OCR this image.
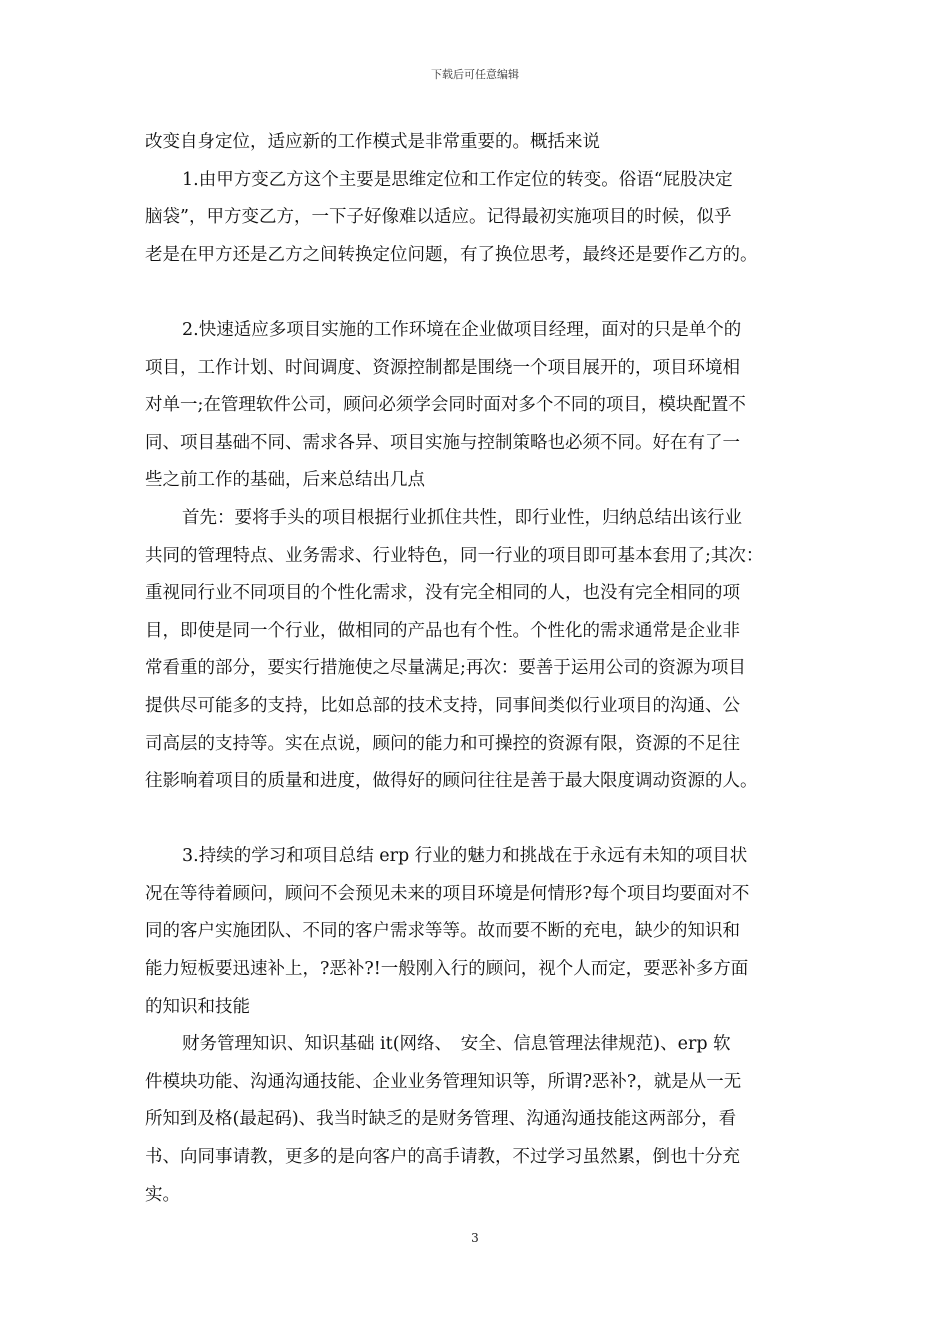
下载后可任意编辑
改变自身定位，适应新的工作模式是非常重要的。概括来说
1.由甲方变乙方这个主要是思维定位和工作定位的转变。俗语“屁股决定
脑袋”，甲方变乙方，一下子好像难以适应。记得最初实施项目的时候，似乎
老是在甲方还是乙方之间转换定位问题，有了换位思考，最终还是要作乙方的。
2.快速适应多项目实施的工作环境在企业做项目经理，面对的只是单个的
项目，工作计划、时间调度、资源控制都是围绕一个项目展开的，项目环境相
对单一;在管理软件公司，顾问必须学会同时面对多个不同的项目，模块配置不
同、项目基础不同、需求各异、项目实施与控制策略也必须不同。好在有了一
些之前工作的基础，后来总结出几点
首先：要将手头的项目根据行业抓住共性，即行业性，归纳总结出该行业
共同的管理特点、业务需求、行业特色，同一行业的项目即可基本套用了;其次：
重视同行业不同项目的个性化需求，没有完全相同的人，也没有完全相同的项
目，即使是同一个行业，做相同的产品也有个性。个性化的需求通常是企业非
常看重的部分，要实行措施使之尽量满足;再次：要善于运用公司的资源为项目
提供尽可能多的支持，比如总部的技术支持，同事间类似行业项目的沟通、公
司高层的支持等。实在点说，顾问的能力和可操控的资源有限，资源的不足往
往影响着项目的质量和进度，做得好的顾问往往是善于最大限度调动资源的人。
3.持续的学习和项目总结 erp 行业的魅力和挑战在于永远有未知的项目状
况在等待着顾问，顾问不会预见未来的项目环境是何情形?每个项目均要面对不
同的客户实施团队、不同的客户需求等等。故而要不断的充电，缺少的知识和
能力短板要迅速补上，?恶补?!一般刚入行的顾问，视个人而定，要恶补多方面
的知识和技能
财务管理知识、知识基础 it(网络、　安全、信息管理法律规范)、erp 软
件模块功能、沟通沟通技能、企业业务管理知识等，所谓?恶补?，就是从一无
所知到及格(最起码)、我当时缺乏的是财务管理、沟通沟通技能这两部分，看
书、向同事请教，更多的是向客户的高手请教，不过学习虽然累，倒也十分充
实。
3
